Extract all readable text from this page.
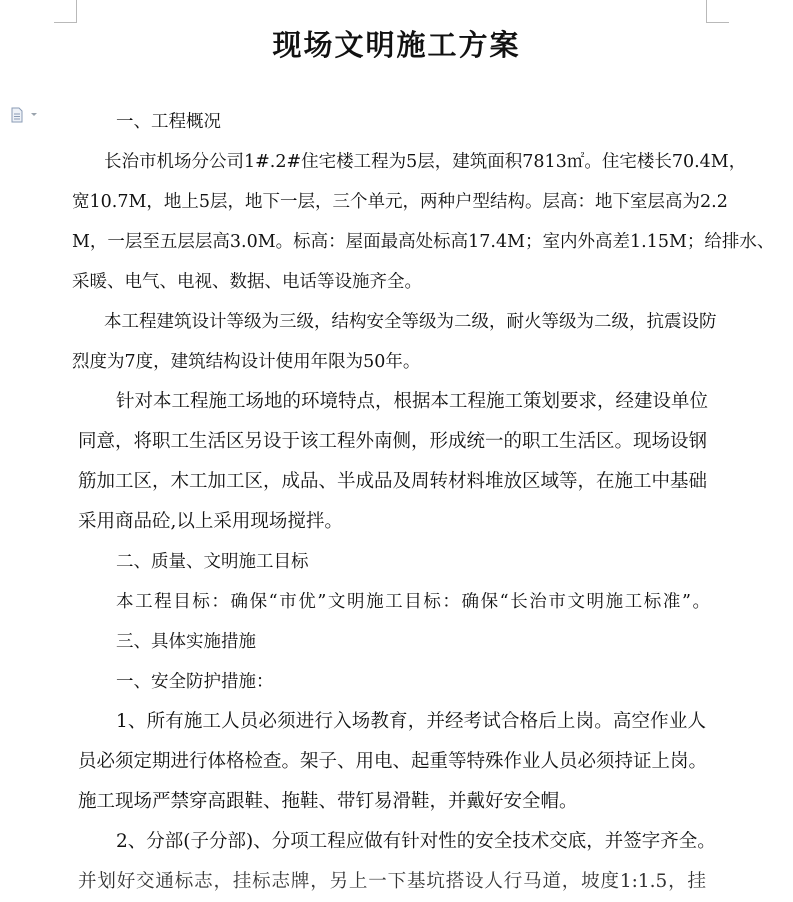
现场文明施工方案
一、工程概况
长治市机场分公司1#.2#住宅楼工程为5层，建筑面积7813㎡。住宅楼长70.4M，
宽10.7M，地上5层，地下一层，三个单元，两种户型结构。层高：地下室层高为2.2
M，一层至五层层高3.0M。标高：屋面最高处标高17.4M；室内外高差1.15M；给排水、
采暖、电气、电视、数据、电话等设施齐全。
本工程建筑设计等级为三级，结构安全等级为二级，耐火等级为二级，抗震设防
烈度为7度，建筑结构设计使用年限为50年。
针对本工程施工场地的环境特点，根据本工程施工策划要求，经建设单位
同意，将职工生活区另设于该工程外南侧，形成统一的职工生活区。现场设钢
筋加工区，木工加工区，成品、半成品及周转材料堆放区域等，在施工中基础
采用商品砼,以上采用现场搅拌。
二、质量、文明施工目标
本工程目标：确保“市优”文明施工目标：确保“长治市文明施工标准”。
三、具体实施措施
一、安全防护措施：
1、所有施工人员必须进行入场教育，并经考试合格后上岗。高空作业人
员必须定期进行体格检查。架子、用电、起重等特殊作业人员必须持证上岗。
施工现场严禁穿高跟鞋、拖鞋、带钉易滑鞋，并戴好安全帽。
2、分部(子分部)、分项工程应做有针对性的安全技术交底，并签字齐全。
并划好交通标志，挂标志牌，另上一下基坑搭设人行马道，坡度1:1.5，挂
